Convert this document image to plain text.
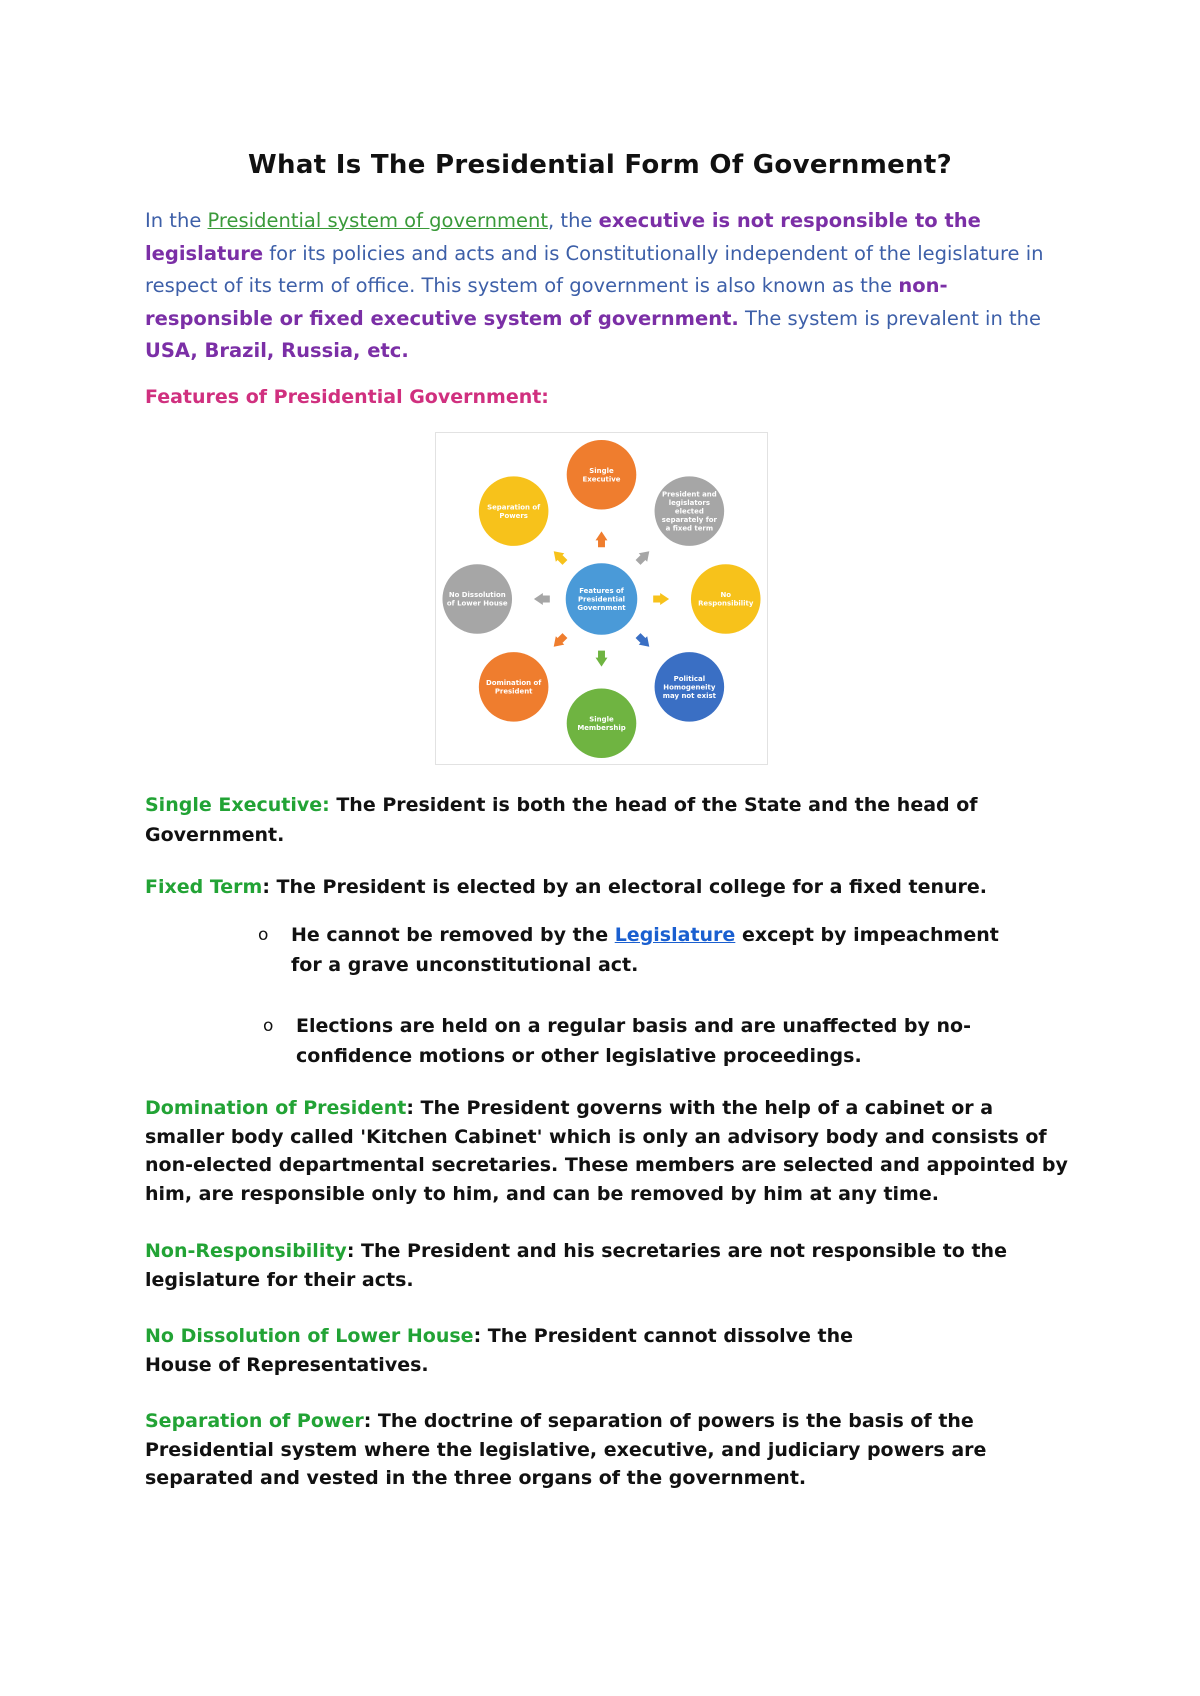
What Is The Presidential Form Of Government?
In the Presidential system of government, the executive is not responsible to the legislature for its policies and acts and is Constitutionally independent of the legislature in respect of its term of office. This system of government is also known as the non-responsible or fixed executive system of government. The system is prevalent in the USA, Brazil, Russia, etc.
Features of Presidential Government:
Single
Executive
President and
legislators
elected
separately for
a fixed term
No
Responsibility
Political
Homogeneity
may not exist
Single
Membership
Domination of
President
No Dissolution
of Lower House
Separation of
Powers
Features of
Presidential
Government
Single Executive: The President is both the head of the State and the head of Government.
Fixed Term: The President is elected by an electoral college for a fixed tenure.
o He cannot be removed by the Legislature except by impeachment for a grave unconstitutional act.
o Elections are held on a regular basis and are unaffected by no-confidence motions or other legislative proceedings.
Domination of President: The President governs with the help of a cabinet or a smaller body called 'Kitchen Cabinet' which is only an advisory body and consists of non-elected departmental secretaries. These members are selected and appointed by him, are responsible only to him, and can be removed by him at any time.
Non-Responsibility: The President and his secretaries are not responsible to the legislature for their acts.
No Dissolution of Lower House: The President cannot dissolve the House of Representatives.
Separation of Power: The doctrine of separation of powers is the basis of the Presidential system where the legislative, executive, and judiciary powers are separated and vested in the three organs of the government.
